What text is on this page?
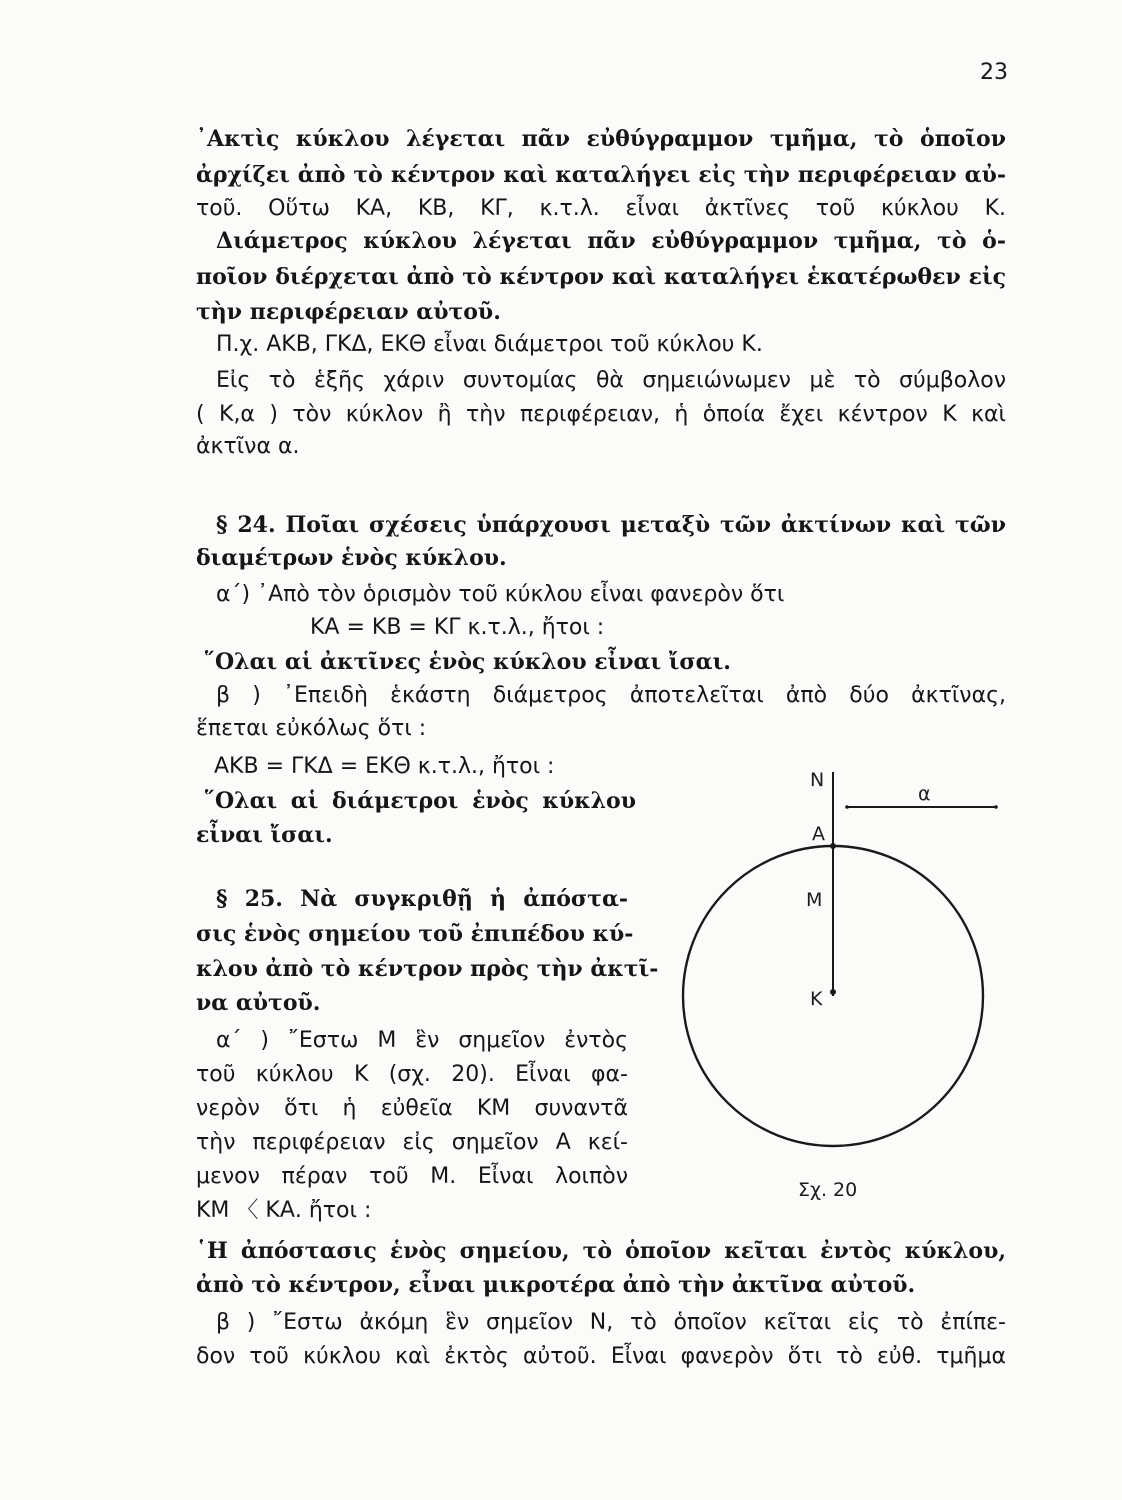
23
᾿Ακτὶς κύκλου λέγεται πᾶν εὐθύγραμμον τμῆμα, τὸ ὁποῖον
ἀρχίζει ἀπὸ τὸ κέντρον καὶ καταλήγει εἰς τὴν περιφέρειαν αὐ-
τοῦ. Οὕτω ΚΑ, ΚΒ, ΚΓ, κ.τ.λ. εἶναι ἀκτῖνες τοῦ κύκλου Κ.
Διάμετρος κύκλου λέγεται πᾶν εὐθύγραμμον τμῆμα, τὸ ὁ-
ποῖον διέρχεται ἀπὸ τὸ κέντρον καὶ καταλήγει ἑκατέρωθεν εἰς
τὴν περιφέρειαν αὐτοῦ.
Π.χ. ΑΚΒ, ΓΚΔ, ΕΚΘ εἶναι διάμετροι τοῦ κύκλου Κ.
Εἰς τὸ ἑξῆς χάριν συντομίας θὰ σημειώνωμεν μὲ τὸ σύμβολον
( Κ,α ) τὸν κύκλον ἢ τὴν περιφέρειαν, ἡ ὁποία ἔχει κέντρον Κ καὶ
ἀκτῖνα α.
§ 24. Ποῖαι σχέσεις ὑπάρχουσι μεταξὺ τῶν ἀκτίνων καὶ τῶν
διαμέτρων ἑνὸς κύκλου.
α΄) ᾿Απὸ τὸν ὁρισμὸν τοῦ κύκλου εἶναι φανερὸν ὅτι
ΚΑ = ΚΒ = ΚΓ κ.τ.λ., ἤτοι :
῞Ολαι αἱ ἀκτῖνες ἑνὸς κύκλου εἶναι ἴσαι.
β ) ᾿Επειδὴ ἑκάστη διάμετρος ἀποτελεῖται ἀπὸ δύο ἀκτῖνας,
ἕπεται εὐκόλως ὅτι :
ΑΚΒ = ΓΚΔ = ΕΚΘ κ.τ.λ., ἤτοι :
῞Ολαι αἱ διάμετροι ἑνὸς κύκλου
εἶναι ἴσαι.
§ 25. Νὰ συγκριθῇ ἡ ἀπόστα-
σις ἑνὸς σημείου τοῦ ἐπιπέδου κύ-
κλου ἀπὸ τὸ κέντρον πρὸς τὴν ἀκτῖ-
να αὐτοῦ.
α΄ ) ῎Εστω Μ ἓν σημεῖον ἐντὸς
τοῦ κύκλου Κ (σχ. 20). Εἶναι φα-
νερὸν ὅτι ἡ εὐθεῖα ΚΜ συναντᾶ
τὴν περιφέρειαν εἰς σημεῖον Α κεί-
μενον πέραν τοῦ Μ. Εἶναι λοιπὸν
ΚΜ 〈 ΚΑ. ἤτοι :
῾Η ἀπόστασις ἑνὸς σημείου, τὸ ὁποῖον κεῖται ἐντὸς κύκλου,
ἀπὸ τὸ κέντρον, εἶναι μικροτέρα ἀπὸ τὴν ἀκτῖνα αὐτοῦ.
β ) ῎Εστω ἀκόμη ἓν σημεῖον Ν, τὸ ὁποῖον κεῖται εἰς τὸ ἐπίπε-
δον τοῦ κύκλου καὶ ἐκτὸς αὐτοῦ. Εἶναι φανερὸν ὅτι τὸ εὐθ. τμῆμα
Ν
Α
Μ
Κ
α
Σχ. 20
